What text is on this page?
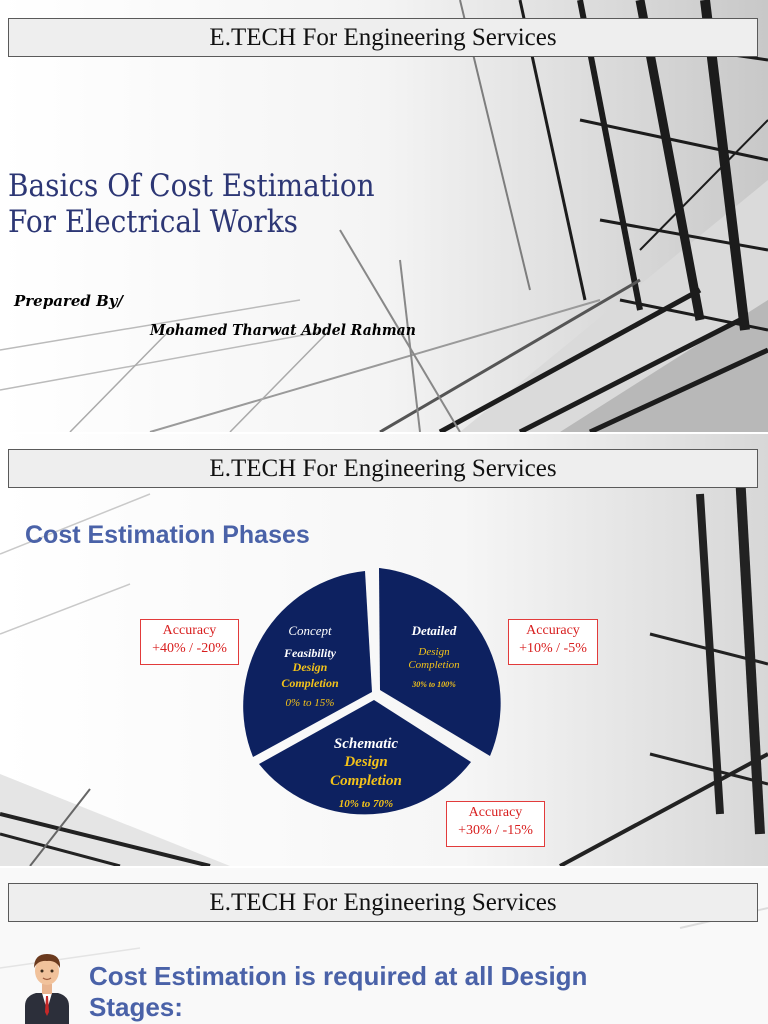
E.TECH For Engineering Services
Basics Of Cost Estimation
For Electrical Works
Prepared By/
Mohamed Tharwat Abdel Rahman
E.TECH For Engineering Services
Cost Estimation Phases
Concept
Feasibility
Design
Completion
0% to 15%
Detailed
Design
Completion
30% to 100%
Schematic
Design
Completion
10% to 70%
Accuracy
+40% / -20%
Accuracy
+10% / -5%
Accuracy
+30% / -15%
E.TECH For Engineering Services
Cost Estimation is required at all Design
Stages:
